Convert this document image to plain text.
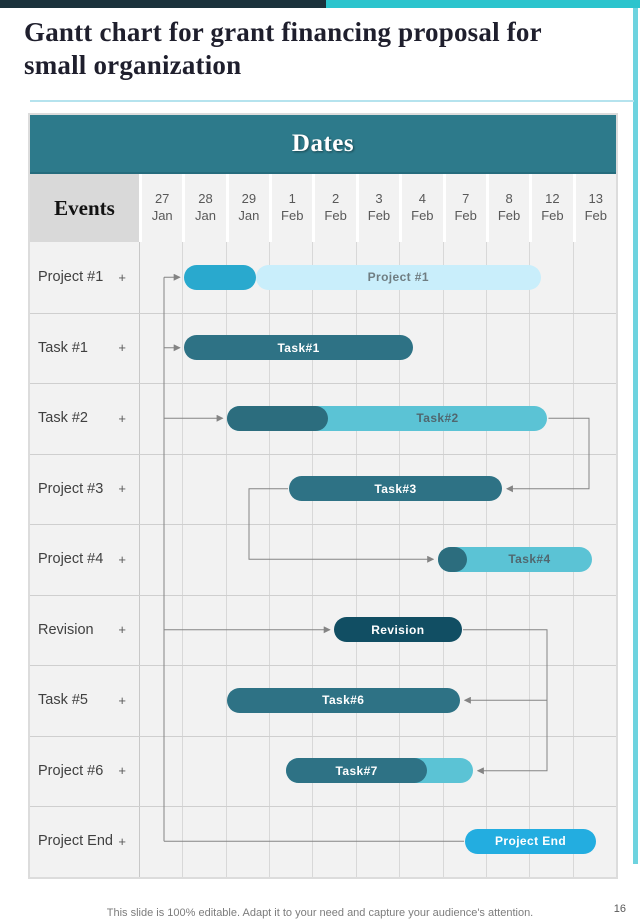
Gantt chart for grant financing proposal for small organization
Dates
Events	27
Jan
28
Jan
29
Jan
1
Feb
2
Feb
3
Feb
4
Feb
7
Feb
8
Feb
12
Feb
13
Feb
Project #1 +
Task #1 +
Task #2 +
Project #3 +
Project #4 +
Revision +
Task #5 +
Project #6 +
Project End +
Project #1
Task#1
Task#2
Task#3
Task#4
Revision
Task#6
Task#7
Project End
This slide is 100% editable. Adapt it to your need and capture your audience's attention.	16
